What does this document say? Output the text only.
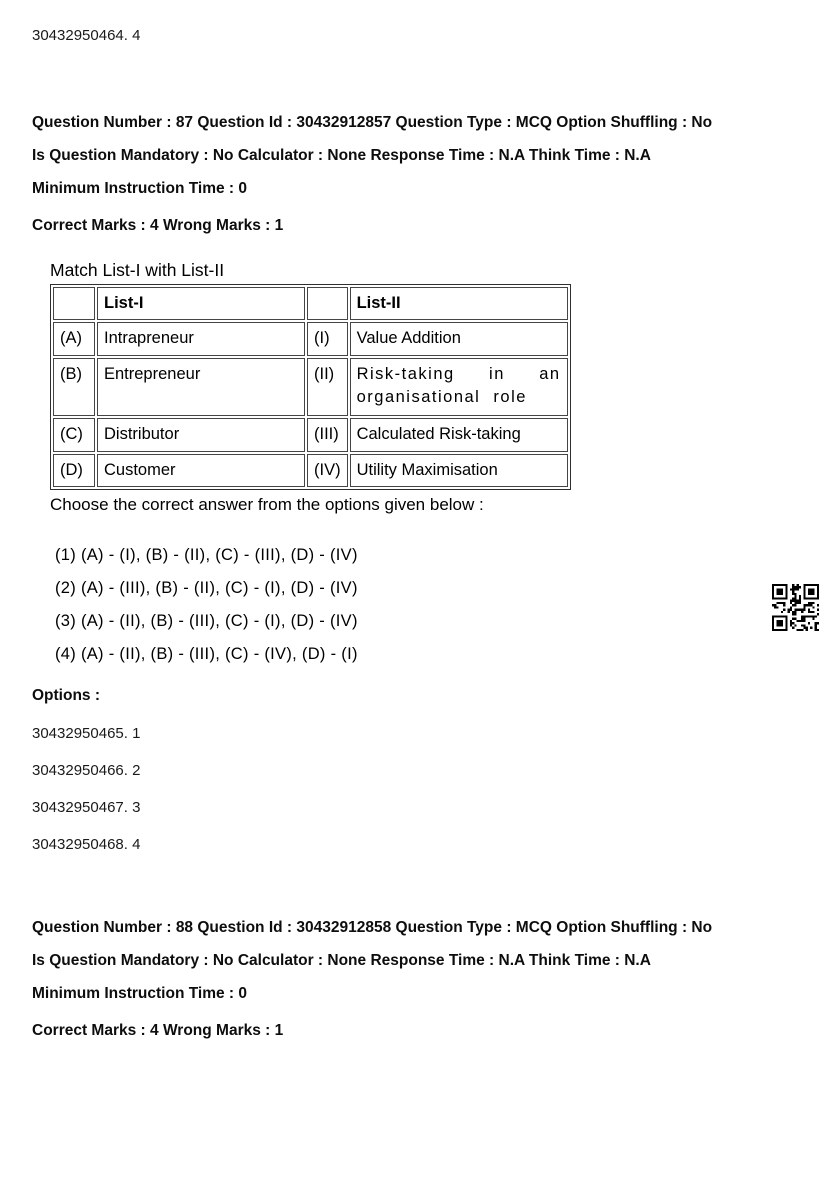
30432950464. 4

Question Number : 87 Question Id : 30432912857 Question Type : MCQ Option Shuffling : No

Is Question Mandatory : No Calculator : None Response Time : N.A Think Time : N.A

Minimum Instruction Time : 0

Correct Marks : 4 Wrong Marks : 1

Match List-I with List-II

	List-I		List-II
(A)	Intrapreneur	(I)	Value Addition
(B)	Entrepreneur	(II)	Risk-taking in an organisational role
(C)	Distributor	(III)	Calculated Risk-taking
(D)	Customer	(IV)	Utility Maximisation

Choose the correct answer from the options given below :

(1) (A) - (I), (B) - (II), (C) - (III), (D) - (IV)

(2) (A) - (III), (B) - (II), (C) - (I), (D) - (IV)

(3) (A) - (II), (B) - (III), (C) - (I), (D) - (IV)

(4) (A) - (II), (B) - (III), (C) - (IV), (D) - (I)

Options :

30432950465. 1

30432950466. 2

30432950467. 3

30432950468. 4

Question Number : 88 Question Id : 30432912858 Question Type : MCQ Option Shuffling : No

Is Question Mandatory : No Calculator : None Response Time : N.A Think Time : N.A

Minimum Instruction Time : 0

Correct Marks : 4 Wrong Marks : 1
